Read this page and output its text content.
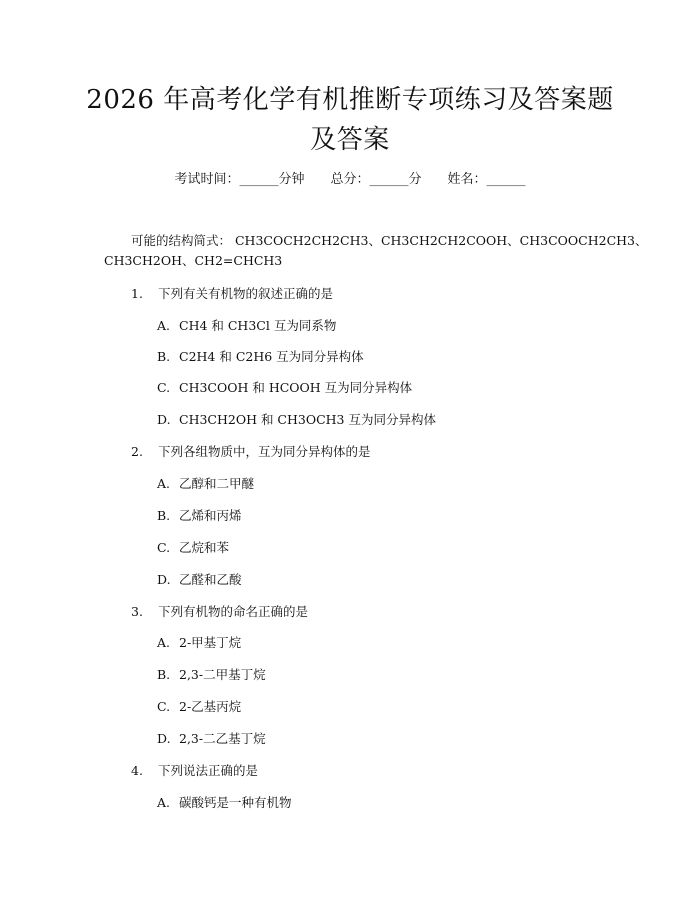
2026 年高考化学有机推断专项练习及答案题
及答案
考试时间：______分钟 总分：______分 姓名：______
可能的结构简式： CH3COCH2CH2CH3、CH3CH2CH2COOH、CH3COOCH2CH3、
CH3CH2OH、CH2=CHCH3
1. 下列有关有机物的叙述正确的是
A. CH4 和 CH3Cl 互为同系物
B. C2H4 和 C2H6 互为同分异构体
C. CH3COOH 和 HCOOH 互为同分异构体
D. CH3CH2OH 和 CH3OCH3 互为同分异构体
2. 下列各组物质中，互为同分异构体的是
A. 乙醇和二甲醚
B. 乙烯和丙烯
C. 乙烷和苯
D. 乙醛和乙酸
3. 下列有机物的命名正确的是
A. 2-甲基丁烷
B. 2,3-二甲基丁烷
C. 2-乙基丙烷
D. 2,3-二乙基丁烷
4. 下列说法正确的是
A. 碳酸钙是一种有机物
